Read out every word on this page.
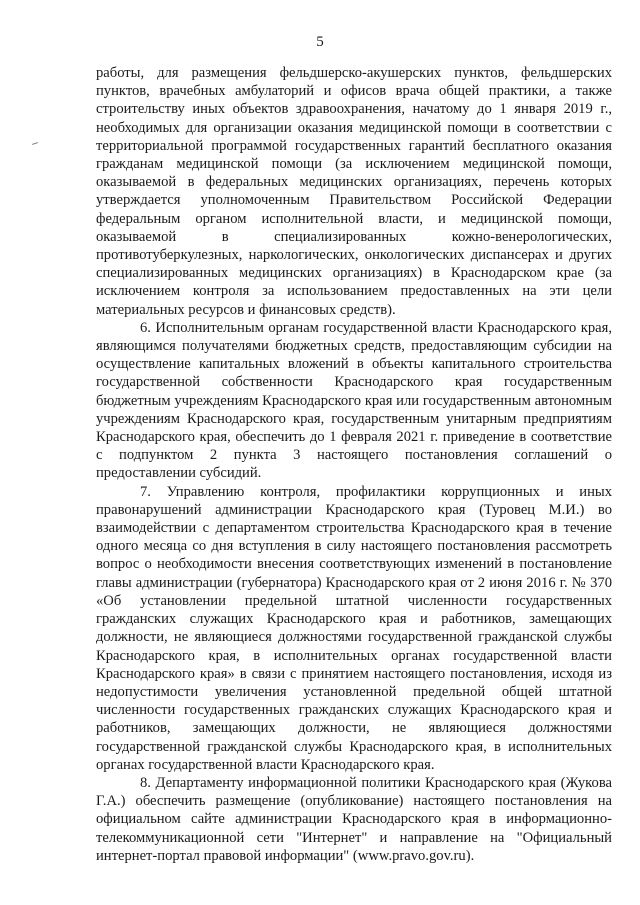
5

работы, для размещения фельдшерско-акушерских пунктов, фельдшерских пунктов, врачебных амбулаторий и офисов врача общей практики, а также строительству иных объектов здравоохранения, начатому до 1 января 2019 г., необходимых для организации оказания медицинской помощи в соответствии с территориальной программой государственных гарантий бесплатного оказания гражданам медицинской помощи (за исключением медицинской помощи, оказываемой в федеральных медицинских организациях, перечень которых утверждается уполномоченным Правительством Российской Федерации федеральным органом исполнительной власти, и медицинской помощи, оказываемой в специализированных кожно-венерологических, противотуберкулезных, наркологических, онкологических диспансерах и других специализированных медицинских организациях) в Краснодарском крае (за исключением контроля за использованием предоставленных на эти цели материальных ресурсов и финансовых средств).

6. Исполнительным органам государственной власти Краснодарского края, являющимся получателями бюджетных средств, предоставляющим субсидии на осуществление капитальных вложений в объекты капитального строительства государственной собственности Краснодарского края государственным бюджетным учреждениям Краснодарского края или государственным автономным учреждениям Краснодарского края, государственным унитарным предприятиям Краснодарского края, обеспечить до 1 февраля 2021 г. приведение в соответствие с подпунктом 2 пункта 3 настоящего постановления соглашений о предоставлении субсидий.

7. Управлению контроля, профилактики коррупционных и иных правонарушений администрации Краснодарского края (Туровец М.И.) во взаимодействии с департаментом строительства Краснодарского края в течение одного месяца со дня вступления в силу настоящего постановления рассмотреть вопрос о необходимости внесения соответствующих изменений в постановление главы администрации (губернатора) Краснодарского края от 2 июня 2016 г. № 370 «Об установлении предельной штатной численности государственных гражданских служащих Краснодарского края и работников, замещающих должности, не являющиеся должностями государственной гражданской службы Краснодарского края, в исполнительных органах государственной власти Краснодарского края» в связи с принятием настоящего постановления, исходя из недопустимости увеличения установленной предельной общей штатной численности государственных гражданских служащих Краснодарского края и работников, замещающих должности, не являющиеся должностями государственной гражданской службы Краснодарского края, в исполнительных органах государственной власти Краснодарского края.

8. Департаменту информационной политики Краснодарского края (Жукова Г.А.) обеспечить размещение (опубликование) настоящего постановления на официальном сайте администрации Краснодарского края в информационно-телекоммуникационной сети "Интернет" и направление на "Официальный интернет-портал правовой информации" (www.pravo.gov.ru).
